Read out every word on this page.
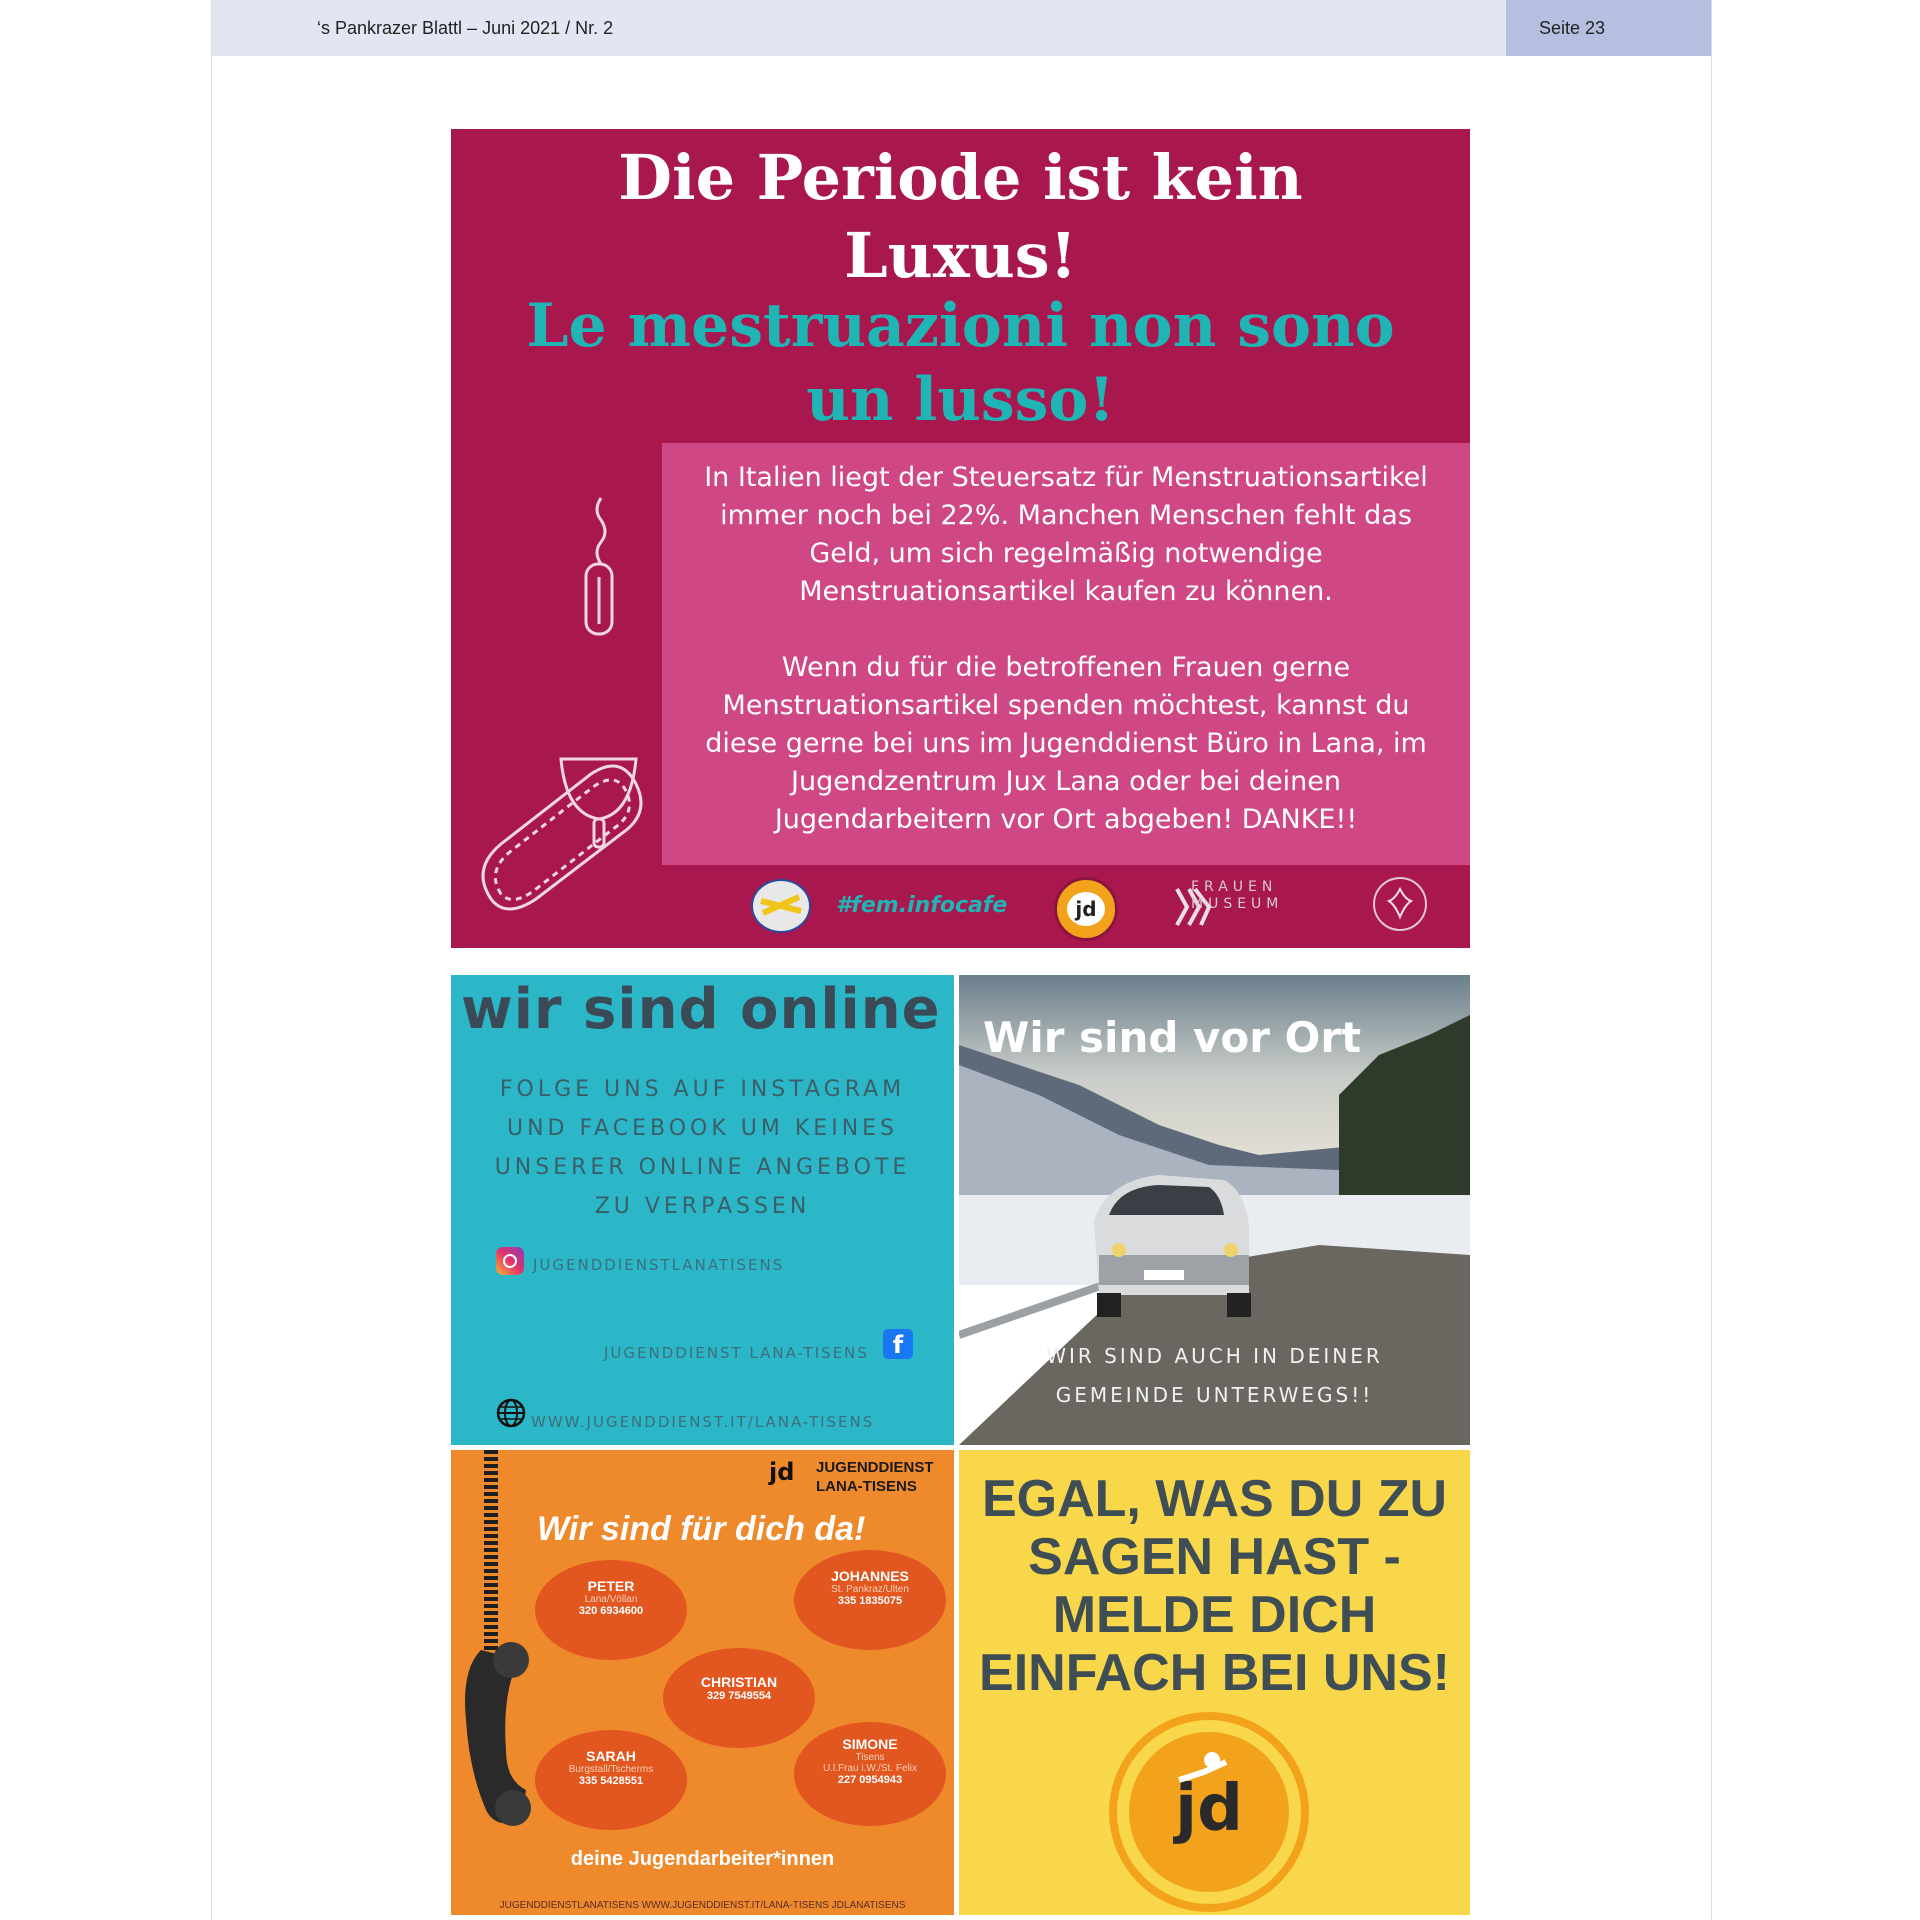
‘s Pankrazer Blattl – Juni 2021 / Nr. 2	Seite 23
Die Periode ist kein
Luxus!
Le mestruazioni non sono
un lusso!

In Italien liegt der Steuersatz für Menstruationsartikel
immer noch bei 22%. Manchen Menschen fehlt das
Geld, um sich regelmäßig notwendige
Menstruationsartikel kaufen zu können.

Wenn du für die betroffenen Frauen gerne
Menstruationsartikel spenden möchtest, kannst du
diese gerne bei uns im Jugenddienst Büro in Lana, im
Jugendzentrum Jux Lana oder bei deinen
Jugendarbeitern vor Ort abgeben! DANKE!!

#fem.infocafe	jd
FRAUEN
MUSEUM
wir sind online
FOLGE UNS AUF INSTAGRAM
UND FACEBOOK UM KEINES
UNSERER ONLINE ANGEBOTE
ZU VERPASSEN
JUGENDDIENSTLANATISENS
JUGENDDIENST LANA-TISENS f
WWW.JUGENDDIENST.IT/LANA-TISENS
Wir sind vor Ort
WIR SIND AUCH IN DEINER
GEMEINDE UNTERWEGS!!
jd	JUGENDDIENST
LANA-TISENS
Wir sind für dich da!
PETER
Lana/Völlan
320 6934600
JOHANNES
St. Pankraz/Ulten
335 1835075
CHRISTIAN
329 7549554
SARAH
Burgstall/Tscherms
335 5428551
SIMONE
Tisens
U.l.Frau i.W./St. Felix
227 0954943
deine Jugendarbeiter*innen
JUGENDDIENSTLANATISENS WWW.JUGENDDIENST.IT/LANA-TISENS JDLANATISENS
EGAL, WAS DU ZU
SAGEN HAST -
MELDE DICH
EINFACH BEI UNS!
jd
